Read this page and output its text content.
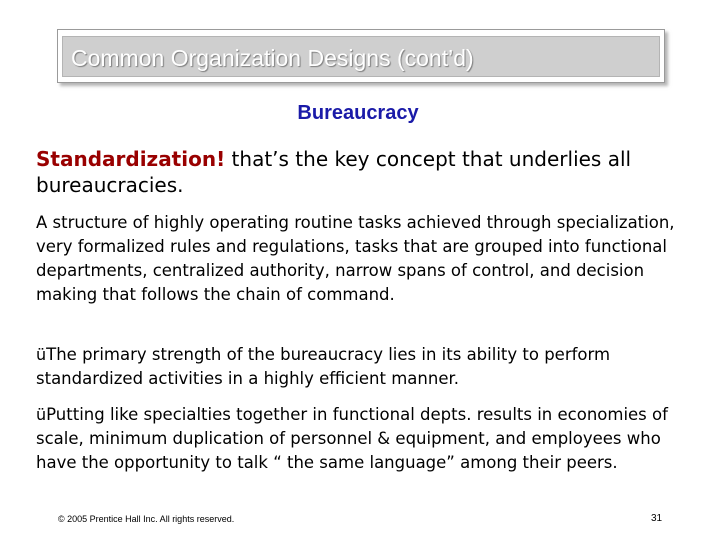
Common Organization Designs (cont’d)
Bureaucracy

Standardization! that’s the key concept that underlies all bureaucracies.

A structure of highly operating routine tasks achieved through specialization, very formalized rules and regulations, tasks that are grouped into functional departments, centralized authority, narrow spans of control, and decision making that follows the chain of command.

üThe primary strength of the bureaucracy lies in its ability to perform standardized activities in a highly efficient manner.

üPutting like specialties together in functional depts. results in economies of scale, minimum duplication of personnel & equipment, and employees who have the opportunity to talk “ the same language” among their peers.

© 2005 Prentice Hall Inc. All rights reserved.	31
